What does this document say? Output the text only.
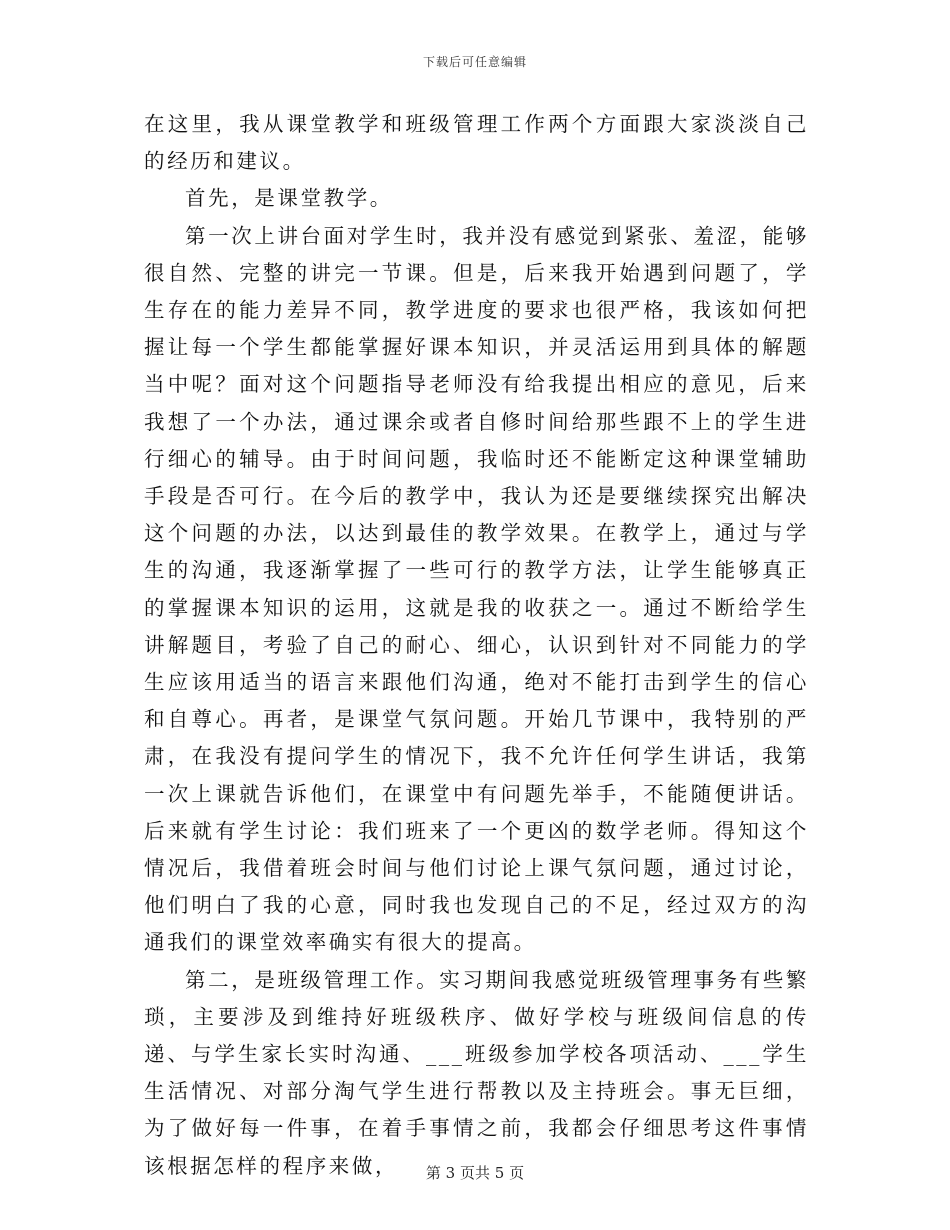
下载后可任意编辑

在这里，我从课堂教学和班级管理工作两个方面跟大家淡淡自己的经历和建议。

首先，是课堂教学。

第一次上讲台面对学生时，我并没有感觉到紧张、羞涩，能够很自然、完整的讲完一节课。但是，后来我开始遇到问题了，学生存在的能力差异不同，教学进度的要求也很严格，我该如何把握让每一个学生都能掌握好课本知识，并灵活运用到具体的解题当中呢？面对这个问题指导老师没有给我提出相应的意见，后来我想了一个办法，通过课余或者自修时间给那些跟不上的学生进行细心的辅导。由于时间问题，我临时还不能断定这种课堂辅助手段是否可行。在今后的教学中，我认为还是要继续探究出解决这个问题的办法，以达到最佳的教学效果。在教学上，通过与学生的沟通，我逐渐掌握了一些可行的教学方法，让学生能够真正的掌握课本知识的运用，这就是我的收获之一。通过不断给学生讲解题目，考验了自己的耐心、细心，认识到针对不同能力的学生应该用适当的语言来跟他们沟通，绝对不能打击到学生的信心和自尊心。再者，是课堂气氛问题。开始几节课中，我特别的严肃，在我没有提问学生的情况下，我不允许任何学生讲话，我第一次上课就告诉他们，在课堂中有问题先举手，不能随便讲话。后来就有学生讨论：我们班来了一个更凶的数学老师。得知这个情况后，我借着班会时间与他们讨论上课气氛问题，通过讨论，他们明白了我的心意，同时我也发现自己的不足，经过双方的沟通我们的课堂效率确实有很大的提高。

第二，是班级管理工作。实习期间我感觉班级管理事务有些繁琐，主要涉及到维持好班级秩序、做好学校与班级间信息的传递、与学生家长实时沟通、___班级参加学校各项活动、___学生生活情况、对部分淘气学生进行帮教以及主持班会。事无巨细，为了做好每一件事，在着手事情之前，我都会仔细思考这件事情该根据怎样的程序来做，	第 3 页共 5 页
